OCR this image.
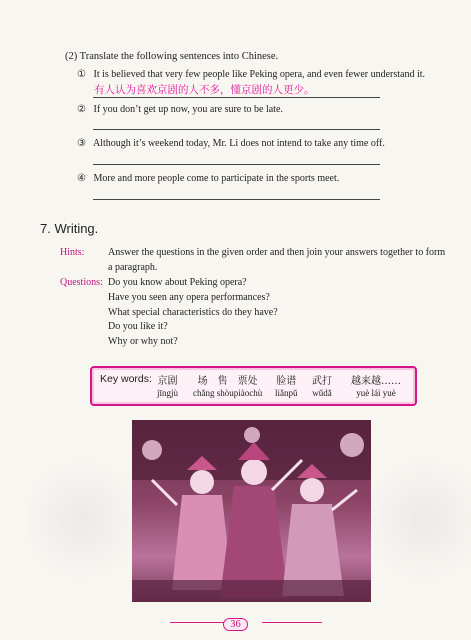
(2) Translate the following sentences into Chinese.
① It is believed that very few people like Peking opera, and even fewer understand it.
有人认为喜欢京剧的人不多，懂京剧的人更少。
② If you don’t get up now, you are sure to be late.
③ Although it’s weekend today, Mr. Li does not intend to take any time off.
④ More and more people come to participate in the sports meet.
7. Writing.
Hints: Answer the questions in the given order and then join your answers together to form
a paragraph.
Questions: Do you know about Peking opera?
Have you seen any opera performances?
What special characteristics do they have?
Do you like it?
Why or why not?
Key words: 京剧
jīngjù
场　售　票处
chǎng shòupiàochù
脸谱
liǎnpǔ
武打
wǔdǎ
越来越……
yuè lái yuè
36
